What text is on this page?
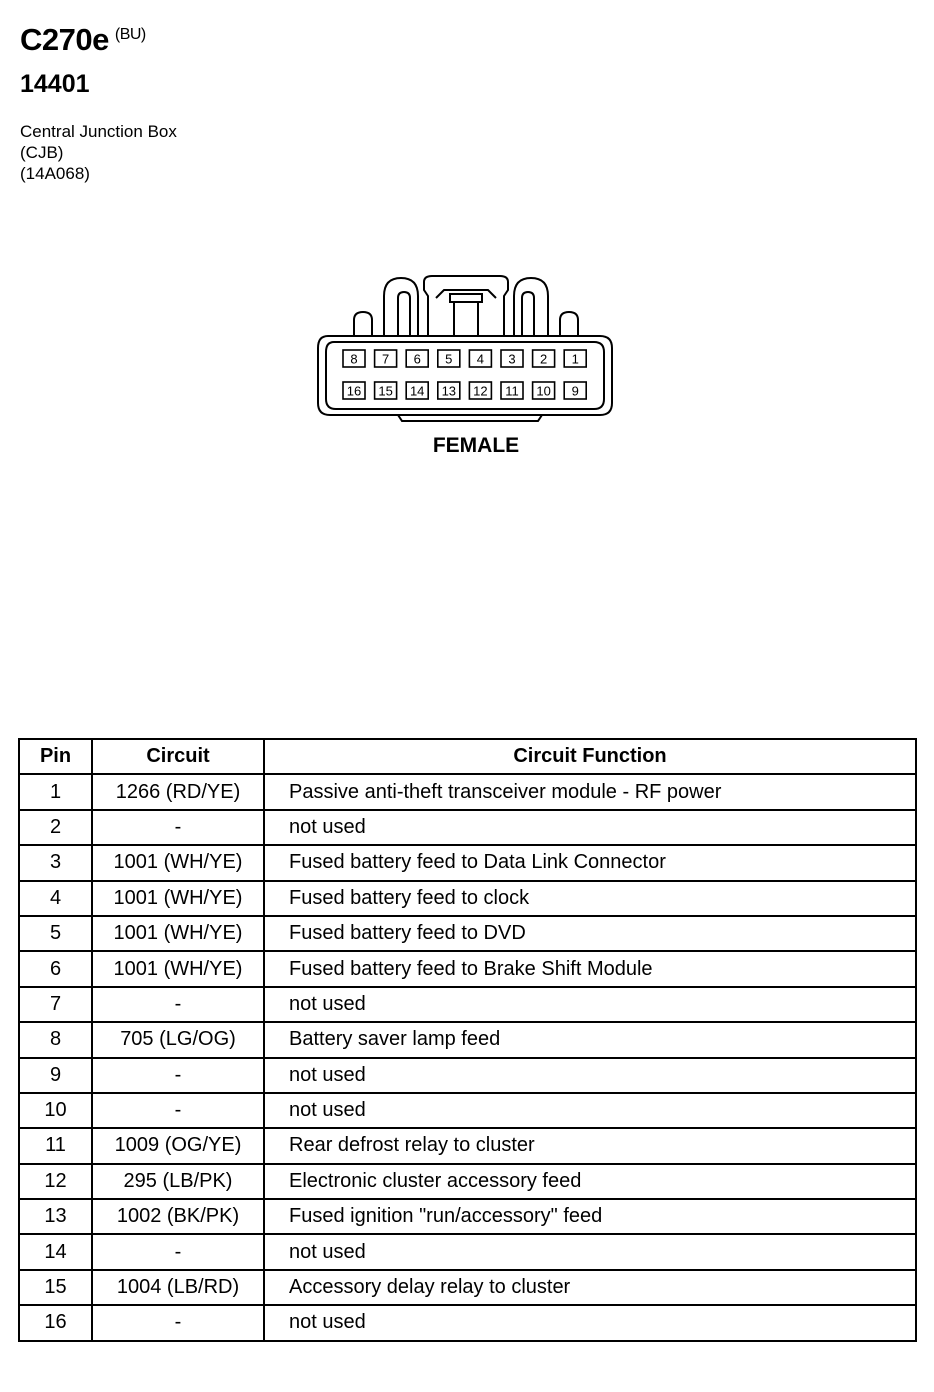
C270e $^{(BU)}$
14401
Central Junction Box
(CJB)
(14A068)
8 7 6 5 4 3 2 1
16 15 14 13 12 11 10 9
FEMALE
Pin	Circuit	Circuit Function
1	1266 (RD/YE)	Passive anti-theft transceiver module - RF power
2	-	not used
3	1001 (WH/YE)	Fused battery feed to Data Link Connector
4	1001 (WH/YE)	Fused battery feed to clock
5	1001 (WH/YE)	Fused battery feed to DVD
6	1001 (WH/YE)	Fused battery feed to Brake Shift Module
7	-	not used
8	705 (LG/OG)	Battery saver lamp feed
9	-	not used
10	-	not used
11	1009 (OG/YE)	Rear defrost relay to cluster
12	295 (LB/PK)	Electronic cluster accessory feed
13	1002 (BK/PK)	Fused ignition "run/accessory" feed
14	-	not used
15	1004 (LB/RD)	Accessory delay relay to cluster
16	-	not used
